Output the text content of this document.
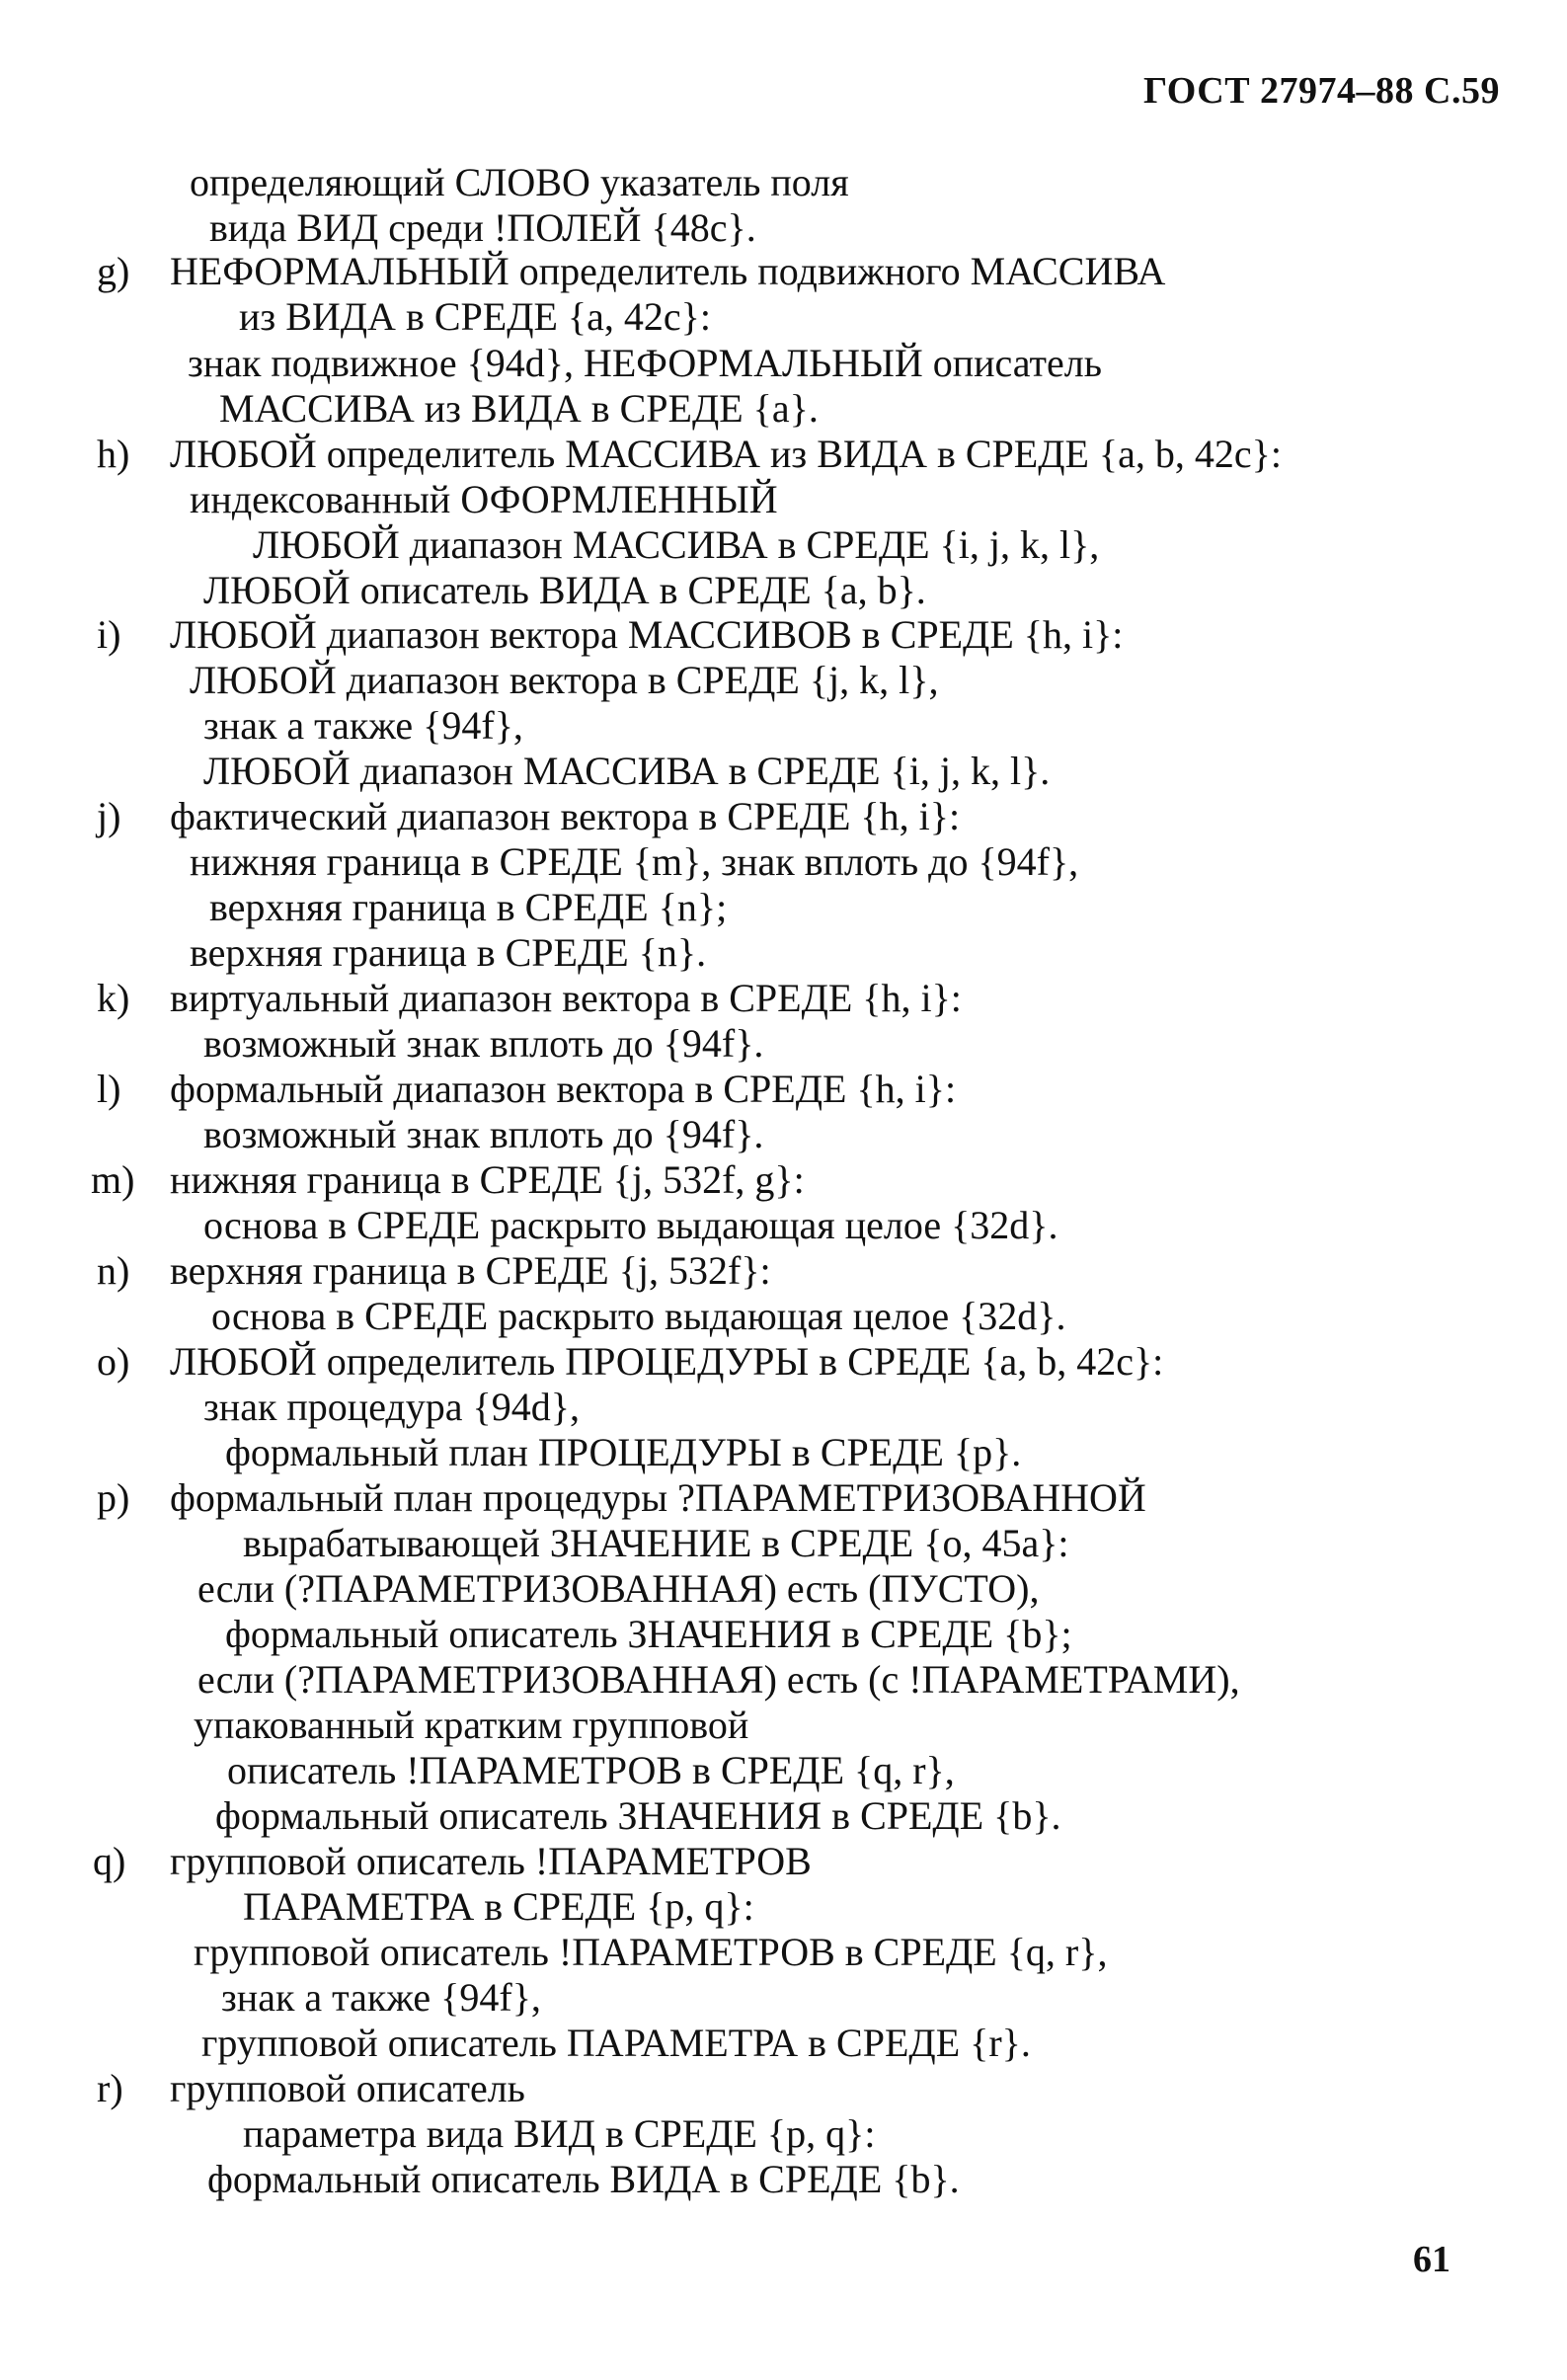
ГОСТ 27974–88 С.59
определяющий СЛОВО указатель поля
вида ВИД среди !ПОЛЕЙ {48c}.
g) НЕФОРМАЛЬНЫЙ определитель подвижного МАССИВА
из ВИДА в СРЕДЕ {a, 42c}:
знак подвижное {94d}, НЕФОРМАЛЬНЫЙ описатель
МАССИВА из ВИДА в СРЕДЕ {a}.
h) ЛЮБОЙ определитель МАССИВА из ВИДА в СРЕДЕ {a, b, 42c}:
индексованный ОФОРМЛЕННЫЙ
ЛЮБОЙ диапазон МАССИВА в СРЕДЕ {i, j, k, l},
ЛЮБОЙ описатель ВИДА в СРЕДЕ {a, b}.
i) ЛЮБОЙ диапазон вектора МАССИВОВ в СРЕДЕ {h, i}:
ЛЮБОЙ диапазон вектора в СРЕДЕ {j, k, l},
знак а также {94f},
ЛЮБОЙ диапазон МАССИВА в СРЕДЕ {i, j, k, l}.
j) фактический диапазон вектора в СРЕДЕ {h, i}:
нижняя граница в СРЕДЕ {m}, знак вплоть до {94f},
верхняя граница в СРЕДЕ {n};
верхняя граница в СРЕДЕ {n}.
k) виртуальный диапазон вектора в СРЕДЕ {h, i}:
возможный знак вплоть до {94f}.
l) формальный диапазон вектора в СРЕДЕ {h, i}:
возможный знак вплоть до {94f}.
m) нижняя граница в СРЕДЕ {j, 532f, g}:
основа в СРЕДЕ раскрыто выдающая целое {32d}.
n) верхняя граница в СРЕДЕ {j, 532f}:
основа в СРЕДЕ раскрыто выдающая целое {32d}.
o) ЛЮБОЙ определитель ПРОЦЕДУРЫ в СРЕДЕ {a, b, 42c}:
знак процедура {94d},
формальный план ПРОЦЕДУРЫ в СРЕДЕ {p}.
p) формальный план процедуры ?ПАРАМЕТРИЗОВАННОЙ
вырабатывающей ЗНАЧЕНИЕ в СРЕДЕ {o, 45a}:
если (?ПАРАМЕТРИЗОВАННАЯ) есть (ПУСТО),
формальный описатель ЗНАЧЕНИЯ в СРЕДЕ {b};
если (?ПАРАМЕТРИЗОВАННАЯ) есть (с !ПАРАМЕТРАМИ),
упакованный кратким групповой
описатель !ПАРАМЕТРОВ в СРЕДЕ {q, r},
формальный описатель ЗНАЧЕНИЯ в СРЕДЕ {b}.
q) групповой описатель !ПАРАМЕТРОВ
ПАРАМЕТРА в СРЕДЕ {p, q}:
групповой описатель !ПАРАМЕТРОВ в СРЕДЕ {q, r},
знак а также {94f},
групповой описатель ПАРАМЕТРА в СРЕДЕ {r}.
r) групповой описатель
параметра вида ВИД в СРЕДЕ {p, q}:
формальный описатель ВИДА в СРЕДЕ {b}.
61
